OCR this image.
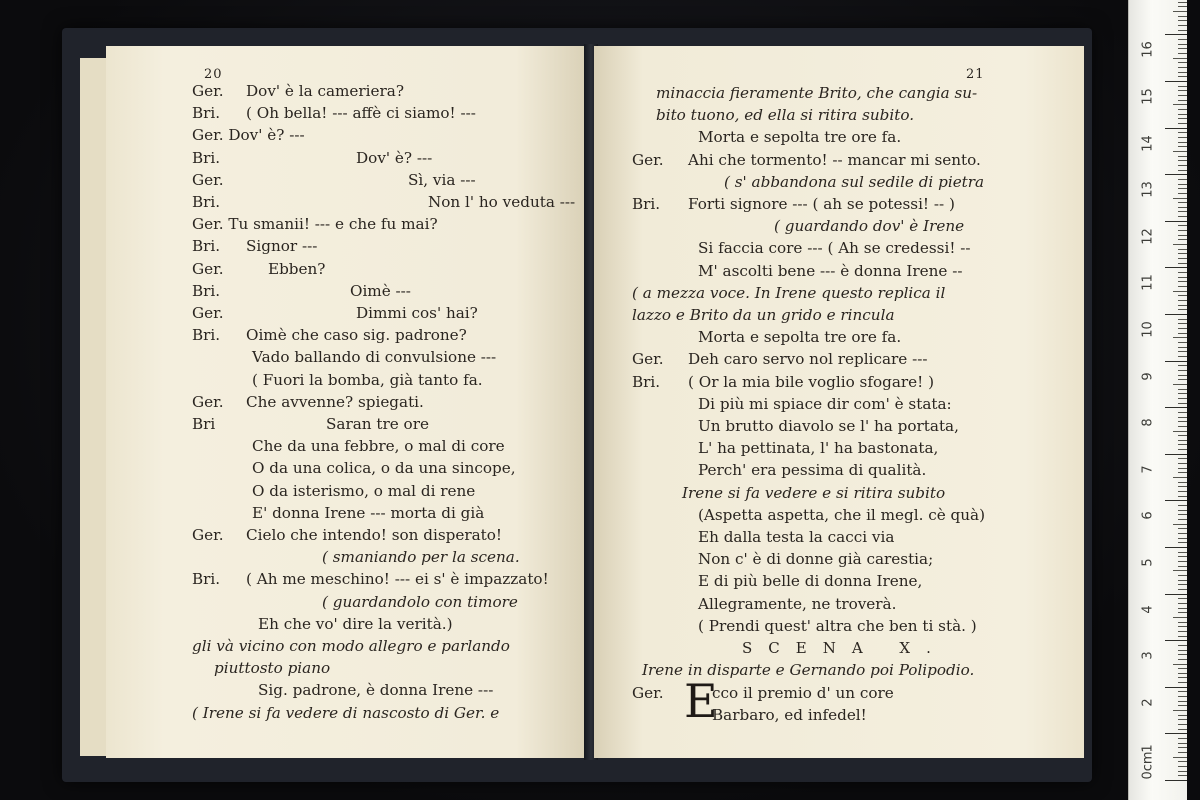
20
Ger. Dov' è la cameriera?
Bri. ( Oh bella! --- affè ci siamo! ---
Ger. Dov' è? ---
Bri.	Dov' è? ---
Ger.	Sì, via ---
Bri.	Non l' ho veduta ---
Ger. Tu smanii! --- e che fu mai?
Bri. Signor ---
Ger.	Ebben?
Bri.	Oimè ---
Ger.	Dimmi cos' hai?
Bri. Oimè che caso sig. padrone?
Vado ballando di convulsione ---
( Fuori la bomba, già tanto fa.
Ger. Che avvenne? spiegati.
Bri	Saran tre ore
Che da una febbre, o mal di core
O da una colica, o da una sincope,
O da isterismo, o mal di rene
E' donna Irene --- morta di già
Ger. Cielo che intendo! son disperato!
( smaniando per la scena.
Bri. ( Ah me meschino! --- ei s' è impazzato!
( guardandolo con timore
Eh che vo' dire la verità.)
gli và vicino con modo allegro e parlando
piuttosto piano
Sig. padrone, è donna Irene ---
( Irene si fa vedere di nascosto di Ger. e
21
minaccia fieramente Brito, che cangia su-
bito tuono, ed ella si ritira subito.
Morta e sepolta tre ore fa.
Ger. Ahi che tormento! -- mancar mi sento.
( s' abbandona sul sedile di pietra
Bri. Forti signore --- ( ah se potessi! -- )
( guardando dov' è Irene
Si faccia core --- ( Ah se credessi! --
M' ascolti bene --- è donna Irene --
( a mezza voce. In Irene questo replica il
lazzo e Brito da un grido e rincula
Morta e sepolta tre ore fa.
Ger. Deh caro servo nol replicare ---
Bri. ( Or la mia bile voglio sfogare! )
Di più mi spiace dir com' è stata:
Un brutto diavolo se l' ha portata,
L' ha pettinata, l' ha bastonata,
Perch' era pessima di qualità.
Irene si fa vedere e si ritira subito
(Aspetta aspetta, che il megl. cè quà)
Eh dalla testa la cacci via
Non c' è di donne già carestia;
E di più belle di donna Irene,
Allegramente, ne troverà.
( Prendi quest' altra che ben ti stà. )
SCENA X.
Irene in disparte e Gernando poi Polipodio.
Ger. E
cco il premio d' un core
Barbaro, ed infedel!
1
2
3
4
5
6
7
8
9
10
11
12
13
14
15
16
0cm
